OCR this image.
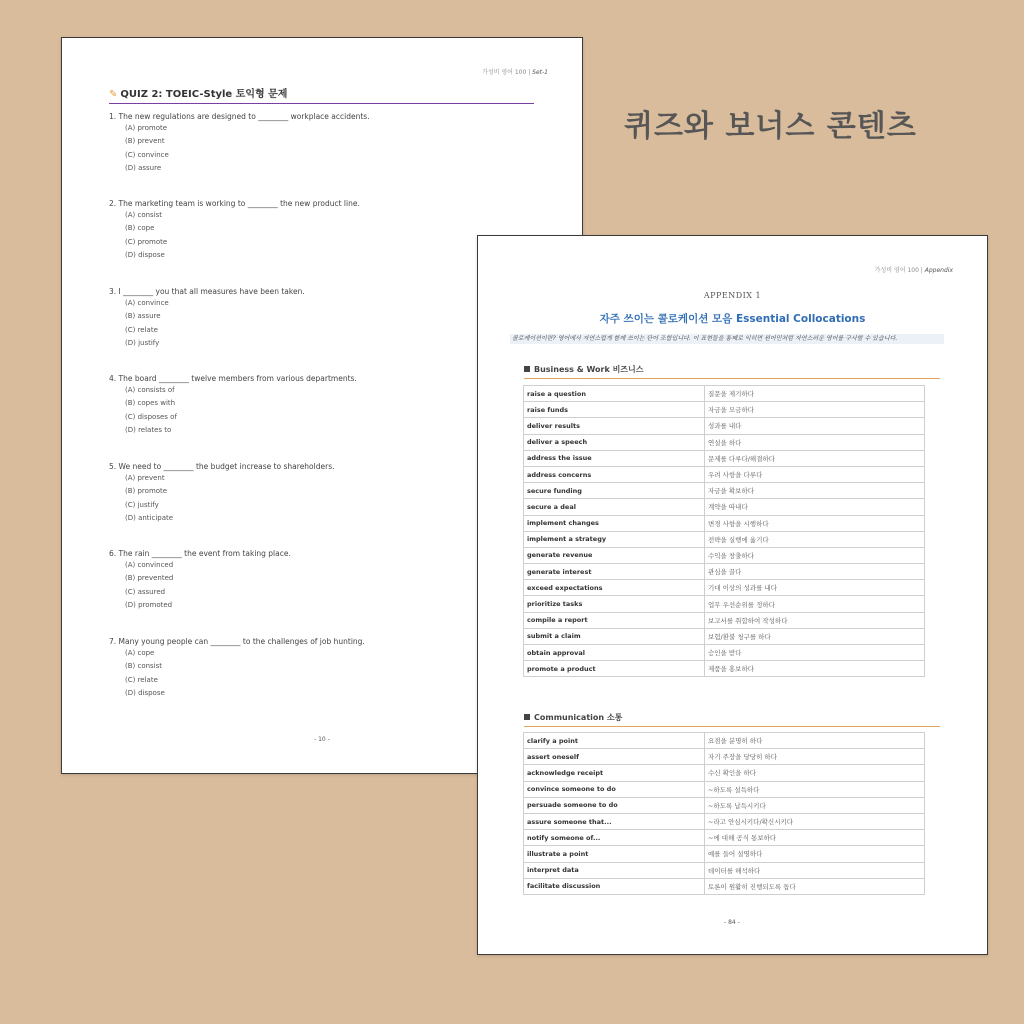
퀴즈와 보너스 콘텐츠
가성비 영어 100 | Set-1
✎ QUIZ 2: TOEIC-Style 토익형 문제
1. The new regulations are designed to ________ workplace accidents.
(A) promote
(B) prevent
(C) convince
(D) assure
2. The marketing team is working to ________ the new product line.
(A) consist
(B) cope
(C) promote
(D) dispose
3. I ________ you that all measures have been taken.
(A) convince
(B) assure
(C) relate
(D) justify
4. The board ________ twelve members from various departments.
(A) consists of
(B) copes with
(C) disposes of
(D) relates to
5. We need to ________ the budget increase to shareholders.
(A) prevent
(B) promote
(C) justify
(D) anticipate
6. The rain ________ the event from taking place.
(A) convinced
(B) prevented
(C) assured
(D) promoted
7. Many young people can ________ to the challenges of job hunting.
(A) cope
(B) consist
(C) relate
(D) dispose
- 10 -
가성비 영어 100 | Appendix
APPENDIX 1
자주 쓰이는 콜로케이션 모음 Essential Collocations
콜로케이션이란? 영어에서 자연스럽게 함께 쓰이는 단어 조합입니다. 이 표현들을 통째로 익히면 원어민처럼 자연스러운 영어를 구사할 수 있습니다.
Business & Work 비즈니스
raise a question	질문을 제기하다
raise funds	자금을 모금하다
deliver results	성과를 내다
deliver a speech	연설을 하다
address the issue	문제를 다루다/해결하다
address concerns	우려 사항을 다루다
secure funding	자금을 확보하다
secure a deal	계약을 따내다
implement changes	변경 사항을 시행하다
implement a strategy	전략을 실행에 옮기다
generate revenue	수익을 창출하다
generate interest	관심을 끌다
exceed expectations	기대 이상의 성과를 내다
prioritize tasks	업무 우선순위를 정하다
compile a report	보고서를 취합하여 작성하다
submit a claim	보험/환불 청구를 하다
obtain approval	승인을 받다
promote a product	제품을 홍보하다
Communication 소통
clarify a point	요점을 분명히 하다
assert oneself	자기 주장을 당당히 하다
acknowledge receipt	수신 확인을 하다
convince someone to do	~하도록 설득하다
persuade someone to do	~하도록 납득시키다
assure someone that...	~라고 안심시키다/확신시키다
notify someone of...	~에 대해 공식 통보하다
illustrate a point	예를 들어 설명하다
interpret data	데이터를 해석하다
facilitate discussion	토론이 원활히 진행되도록 돕다
- 84 -
